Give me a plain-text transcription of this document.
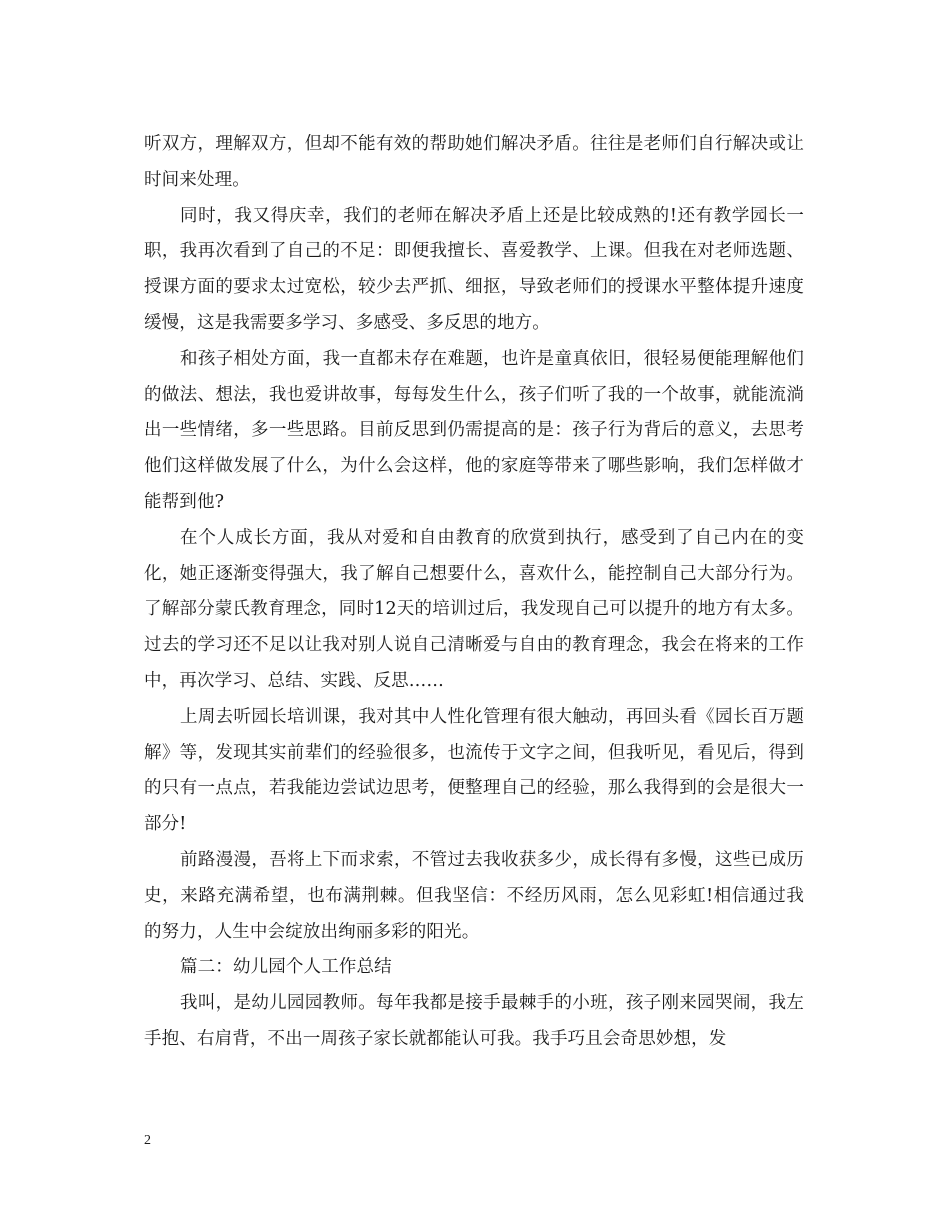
听双方，理解双方，但却不能有效的帮助她们解决矛盾。往往是老师们自行解决或让时间来处理。

同时，我又得庆幸，我们的老师在解决矛盾上还是比较成熟的!还有教学园长一职，我再次看到了自己的不足：即便我擅长、喜爱教学、上课。但我在对老师选题、授课方面的要求太过宽松，较少去严抓、细抠，导致老师们的授课水平整体提升速度缓慢，这是我需要多学习、多感受、多反思的地方。

和孩子相处方面，我一直都未存在难题，也许是童真依旧，很轻易便能理解他们的做法、想法，我也爱讲故事，每每发生什么，孩子们听了我的一个故事，就能流淌出一些情绪，多一些思路。目前反思到仍需提高的是：孩子行为背后的意义，去思考他们这样做发展了什么，为什么会这样，他的家庭等带来了哪些影响，我们怎样做才能帮到他?

在个人成长方面，我从对爱和自由教育的欣赏到执行，感受到了自己内在的变化，她正逐渐变得强大，我了解自己想要什么，喜欢什么，能控制自己大部分行为。了解部分蒙氏教育理念，同时12天的培训过后，我发现自己可以提升的地方有太多。过去的学习还不足以让我对别人说自己清晰爱与自由的教育理念，我会在将来的工作中，再次学习、总结、实践、反思……

上周去听园长培训课，我对其中人性化管理有很大触动，再回头看《园长百万题解》等，发现其实前辈们的经验很多，也流传于文字之间，但我听见，看见后，得到的只有一点点，若我能边尝试边思考，便整理自己的经验，那么我得到的会是很大一部分!

前路漫漫，吾将上下而求索，不管过去我收获多少，成长得有多慢，这些已成历史，来路充满希望，也布满荆棘。但我坚信：不经历风雨，怎么见彩虹!相信通过我的努力，人生中会绽放出绚丽多彩的阳光。

篇二：幼儿园个人工作总结

我叫，是幼儿园园教师。每年我都是接手最棘手的小班，孩子刚来园哭闹，我左手抱、右肩背，不出一周孩子家长就都能认可我。我手巧且会奇思妙想，发

2
